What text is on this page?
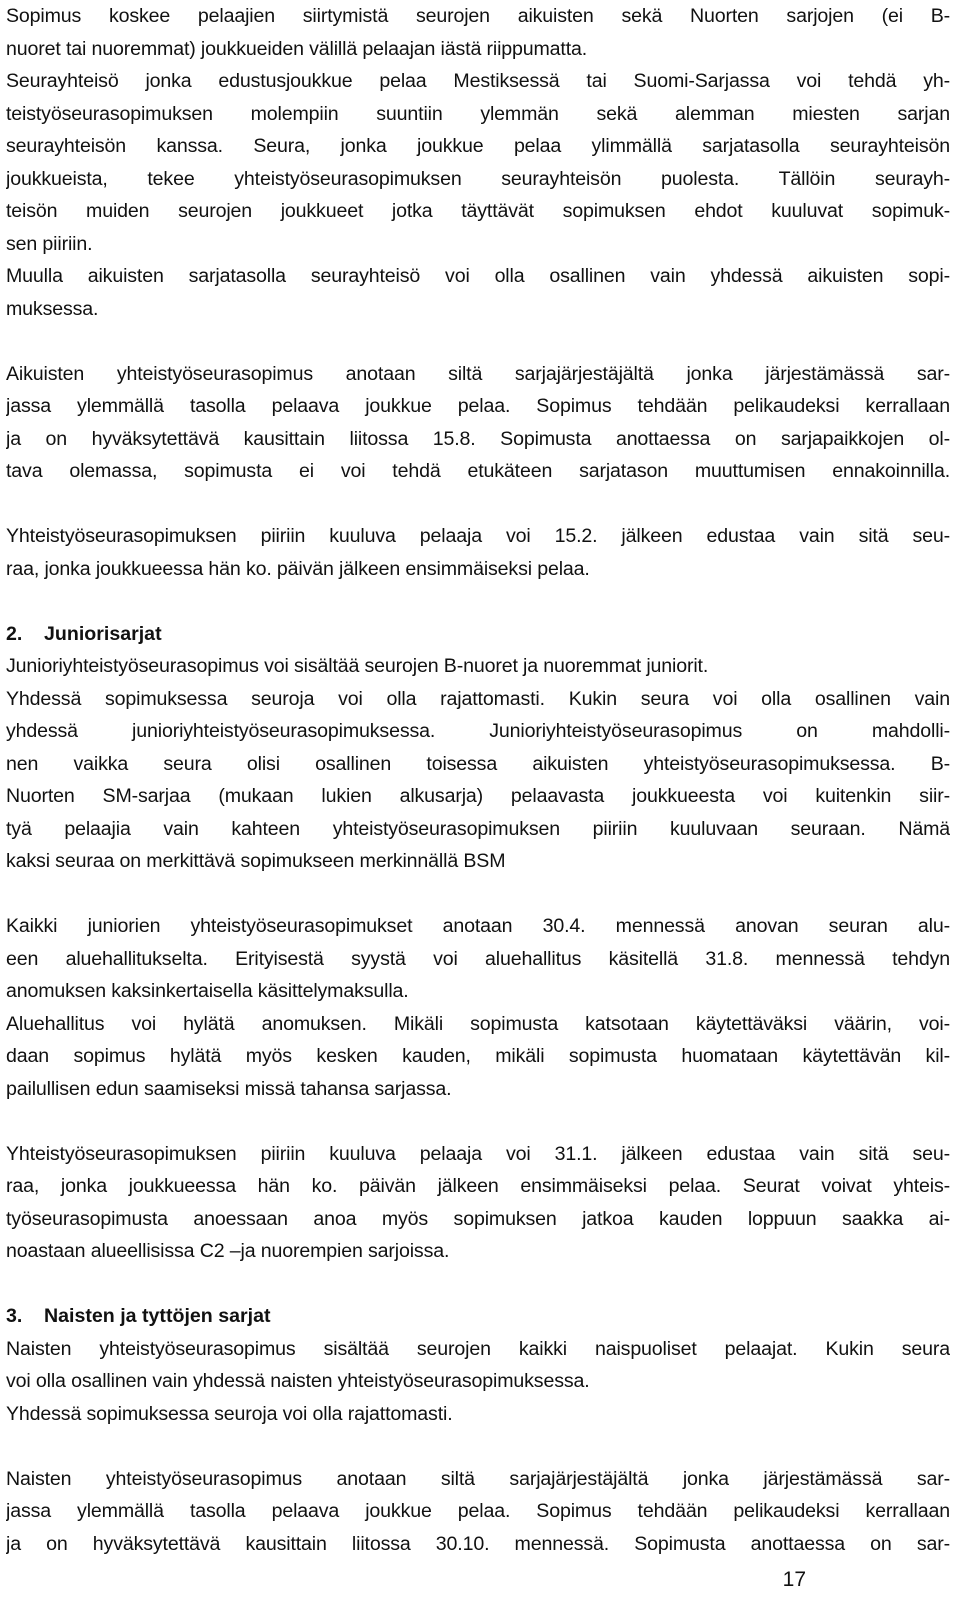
Sopimus koskee pelaajien siirtymistä seurojen aikuisten sekä Nuorten sarjojen (ei B-
nuoret tai nuoremmat) joukkueiden välillä pelaajan iästä riippumatta.
Seurayhteisö jonka edustusjoukkue pelaa Mestiksessä tai Suomi-Sarjassa voi tehdä yh-
teistyöseurasopimuksen molempiin suuntiin ylemmän sekä alemman miesten sarjan
seurayhteisön kanssa. Seura, jonka joukkue pelaa ylimmällä sarjatasolla seurayhteisön
joukkueista, tekee yhteistyöseurasopimuksen seurayhteisön puolesta. Tällöin seurayh-
teisön muiden seurojen joukkueet jotka täyttävät sopimuksen ehdot kuuluvat sopimuk-
sen piiriin.
Muulla aikuisten sarjatasolla seurayhteisö voi olla osallinen vain yhdessä aikuisten sopi-
muksessa.
Aikuisten yhteistyöseurasopimus anotaan siltä sarjajärjestäjältä jonka järjestämässä sar-
jassa ylemmällä tasolla pelaava joukkue pelaa. Sopimus tehdään pelikaudeksi kerrallaan
ja on hyväksytettävä kausittain liitossa 15.8. Sopimusta anottaessa on sarjapaikkojen ol-
tava olemassa, sopimusta ei voi tehdä etukäteen sarjatason muuttumisen ennakoinnilla.
Yhteistyöseurasopimuksen piiriin kuuluva pelaaja voi 15.2. jälkeen edustaa vain sitä seu-
raa, jonka joukkueessa hän ko. päivän jälkeen ensimmäiseksi pelaa.
2. Juniorisarjat
Junioriyhteistyöseurasopimus voi sisältää seurojen B-nuoret ja nuoremmat juniorit.
Yhdessä sopimuksessa seuroja voi olla rajattomasti. Kukin seura voi olla osallinen vain
yhdessä junioriyhteistyöseurasopimuksessa. Junioriyhteistyöseurasopimus on mahdolli-
nen vaikka seura olisi osallinen toisessa aikuisten yhteistyöseurasopimuksessa. B-
Nuorten SM-sarjaa (mukaan lukien alkusarja) pelaavasta joukkueesta voi kuitenkin siir-
tyä pelaajia vain kahteen yhteistyöseurasopimuksen piiriin kuuluvaan seuraan. Nämä
kaksi seuraa on merkittävä sopimukseen merkinnällä BSM
Kaikki juniorien yhteistyöseurasopimukset anotaan 30.4. mennessä anovan seuran alu-
een aluehallitukselta. Erityisestä syystä voi aluehallitus käsitellä 31.8. mennessä tehdyn
anomuksen kaksinkertaisella käsittelymaksulla.
Aluehallitus voi hylätä anomuksen. Mikäli sopimusta katsotaan käytettäväksi väärin, voi-
daan sopimus hylätä myös kesken kauden, mikäli sopimusta huomataan käytettävän kil-
pailullisen edun saamiseksi missä tahansa sarjassa.
Yhteistyöseurasopimuksen piiriin kuuluva pelaaja voi 31.1. jälkeen edustaa vain sitä seu-
raa, jonka joukkueessa hän ko. päivän jälkeen ensimmäiseksi pelaa. Seurat voivat yhteis-
työseurasopimusta anoessaan anoa myös sopimuksen jatkoa kauden loppuun saakka ai-
noastaan alueellisissa C2 –ja nuorempien sarjoissa.
3. Naisten ja tyttöjen sarjat
Naisten yhteistyöseurasopimus sisältää seurojen kaikki naispuoliset pelaajat. Kukin seura
voi olla osallinen vain yhdessä naisten yhteistyöseurasopimuksessa.
Yhdessä sopimuksessa seuroja voi olla rajattomasti.
Naisten yhteistyöseurasopimus anotaan siltä sarjajärjestäjältä jonka järjestämässä sar-
jassa ylemmällä tasolla pelaava joukkue pelaa. Sopimus tehdään pelikaudeksi kerrallaan
ja on hyväksytettävä kausittain liitossa 30.10. mennessä. Sopimusta anottaessa on sar-
17
